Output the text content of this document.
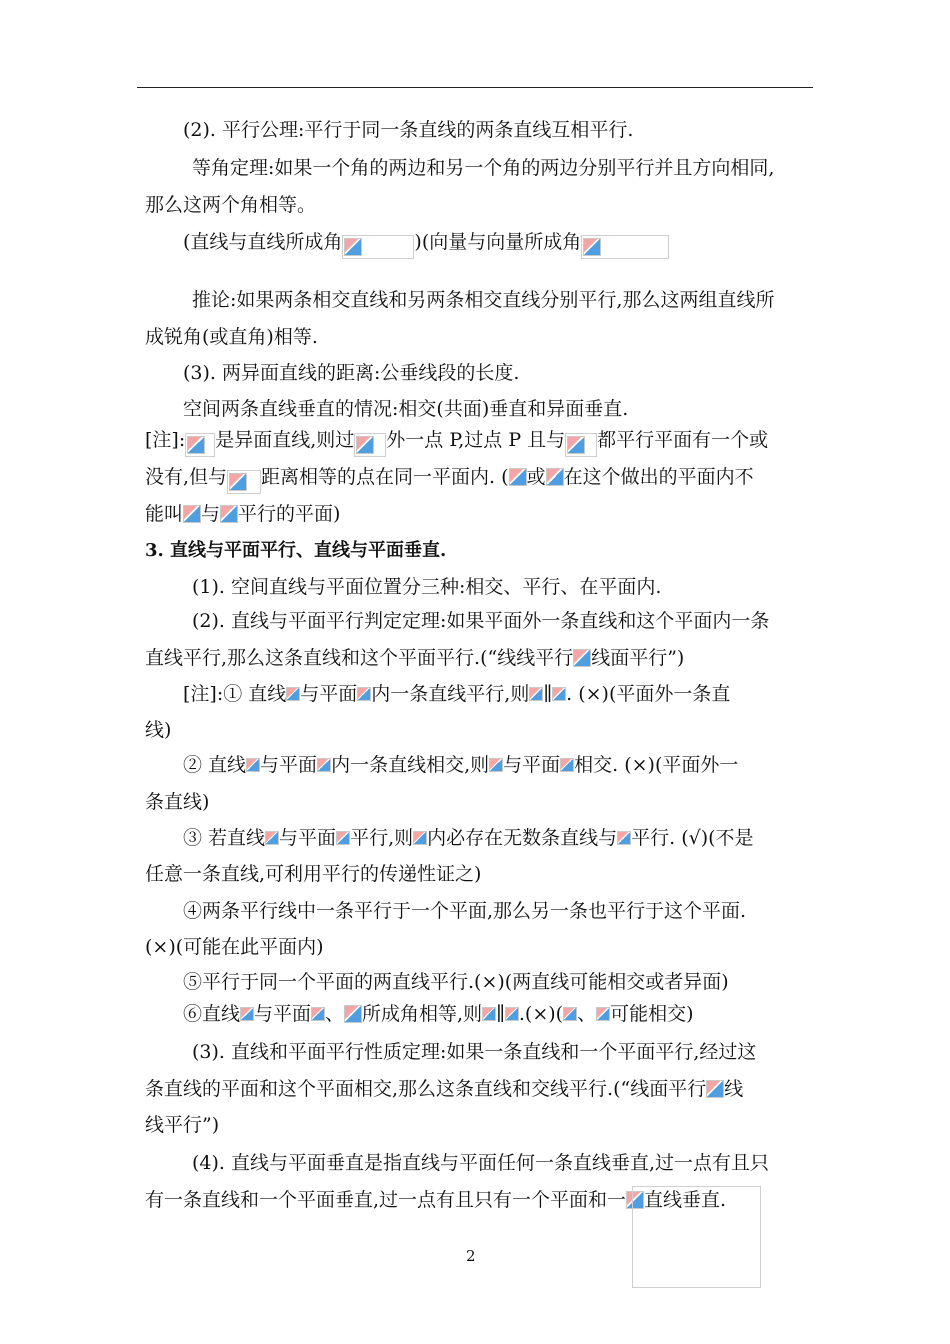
(2). 平行公理:平行于同一条直线的两条直线互相平行.
等角定理:如果一个角的两边和另一个角的两边分别平行并且方向相同,
那么这两个角相等。
(直线与直线所成角	)(向量与向量所成角
推论:如果两条相交直线和另两条相交直线分别平行,那么这两组直线所
成锐角(或直角)相等.
(3). 两异面直线的距离:公垂线段的长度.
空间两条直线垂直的情况:相交(共面)垂直和异面垂直.
[注]: 是异面直线,则过 外一点 P,过点 P 且与 都平行平面有一个或
没有,但与 距离相等的点在同一平面内. ( 或 在这个做出的平面内不
能叫 与 平行的平面)
3. 直线与平面平行、直线与平面垂直.
(1). 空间直线与平面位置分三种:相交、平行、在平面内.
(2). 直线与平面平行判定定理:如果平面外一条直线和这个平面内一条
直线平行,那么这条直线和这个平面平行.(“线线平行 线面平行”)
[注]:① 直线 与平面 内一条直线平行,则 ∥ . (×)(平面外一条直
线)
② 直线 与平面 内一条直线相交,则 与平面 相交. (×)(平面外一
条直线)
③ 若直线 与平面 平行,则 内必存在无数条直线与 平行. (√)(不是
任意一条直线,可利用平行的传递性证之)
④两条平行线中一条平行于一个平面,那么另一条也平行于这个平面.
(×)(可能在此平面内)
⑤平行于同一个平面的两直线平行.(×)(两直线可能相交或者异面)
⑥直线 与平面 、 所成角相等,则 ∥ .(×)( 、 可能相交)
(3). 直线和平面平行性质定理:如果一条直线和一个平面平行,经过这
条直线的平面和这个平面相交,那么这条直线和交线平行.(“线面平行 线
线平行”)
(4). 直线与平面垂直是指直线与平面任何一条直线垂直,过一点有且只
有一条直线和一个平面垂直,过一点有且只有一个平面和一 直线垂直.
2
